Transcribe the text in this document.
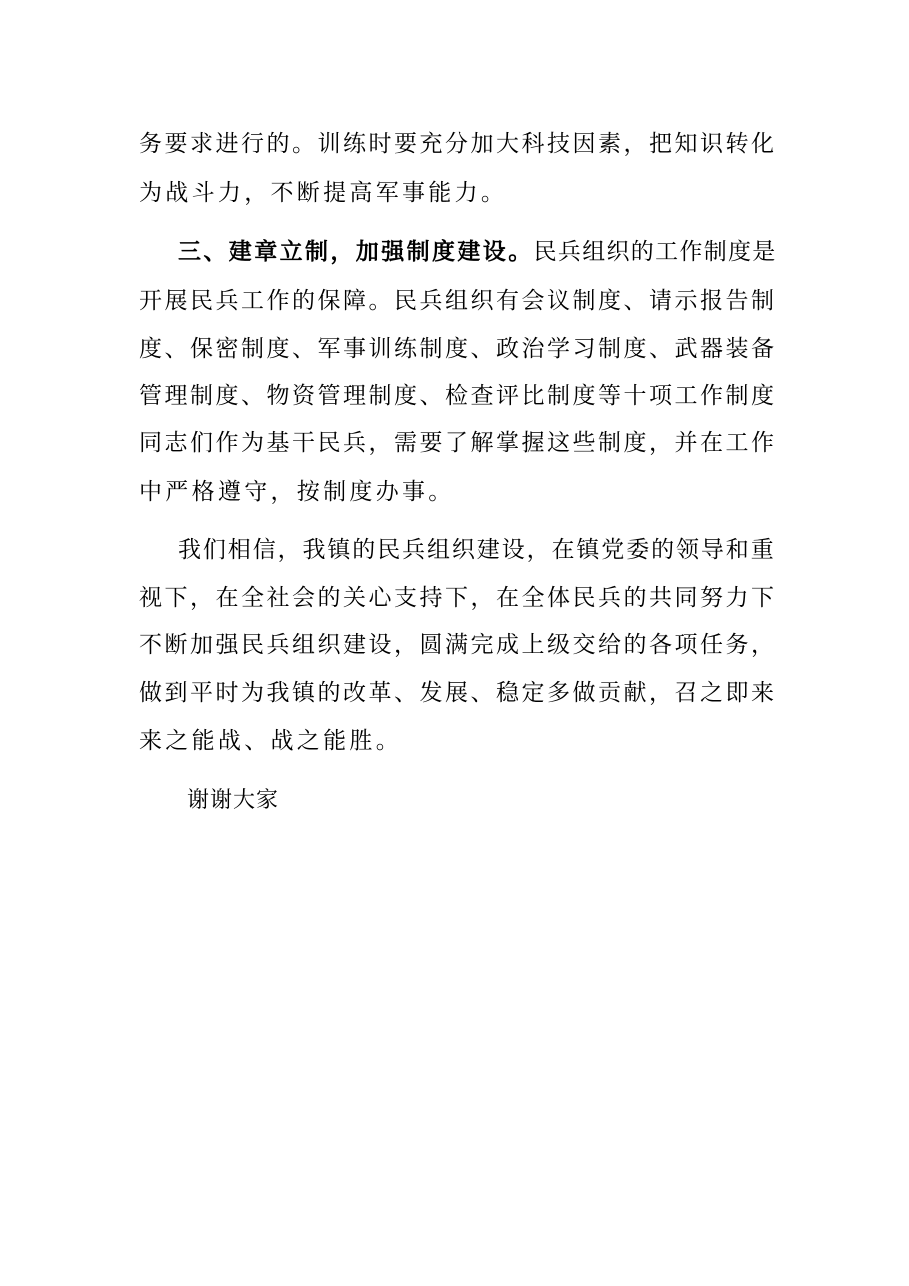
务要求进行的。训练时要充分加大科技因素，把知识转化
为战斗力，不断提高军事能力。
三、建章立制，加强制度建设。民兵组织的工作制度是
开展民兵工作的保障。民兵组织有会议制度、请示报告制
度、保密制度、军事训练制度、政治学习制度、武器装备
管理制度、物资管理制度、检查评比制度等十项工作制度
同志们作为基干民兵，需要了解掌握这些制度，并在工作
中严格遵守，按制度办事。
我们相信，我镇的民兵组织建设，在镇党委的领导和重
视下，在全社会的关心支持下，在全体民兵的共同努力下
不断加强民兵组织建设，圆满完成上级交给的各项任务，
做到平时为我镇的改革、发展、稳定多做贡献，召之即来
来之能战、战之能胜。
谢谢大家
